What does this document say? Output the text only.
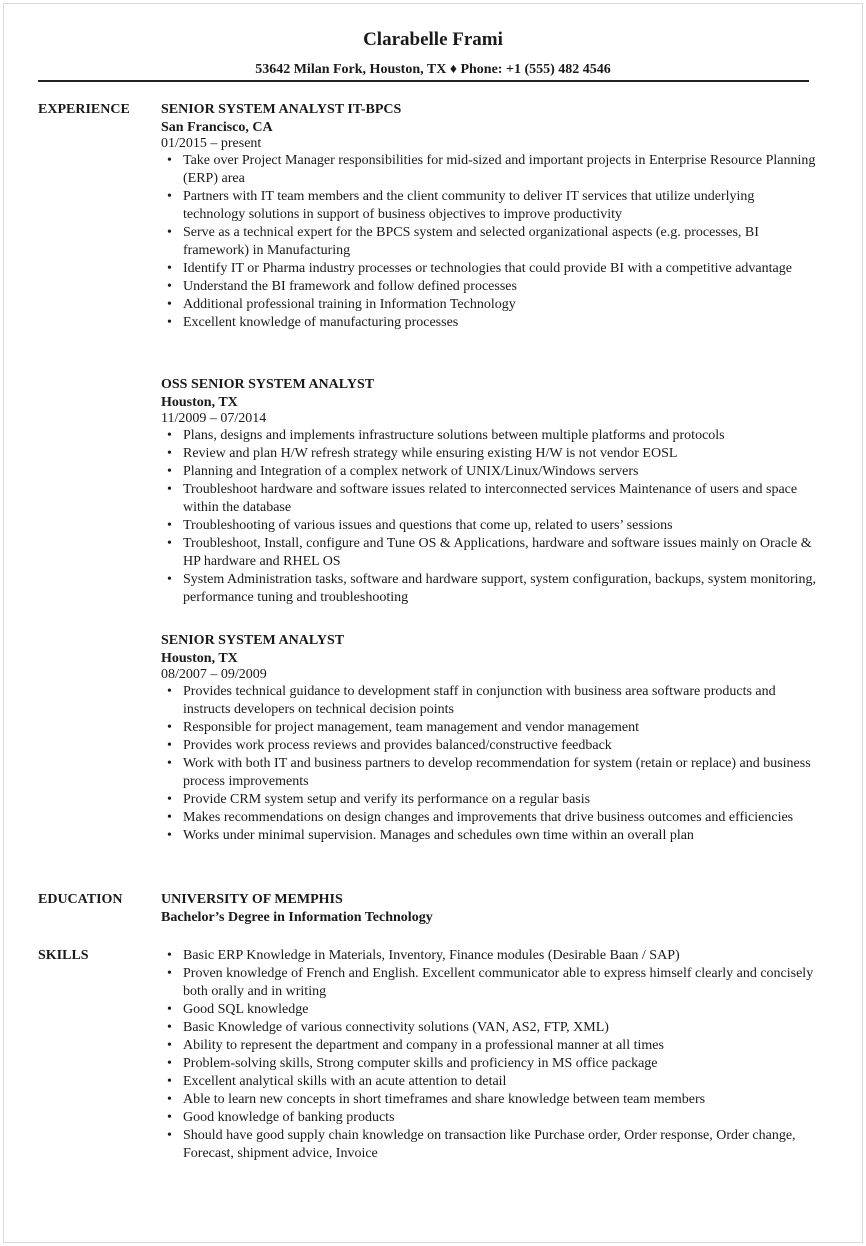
Clarabelle Frami
53642 Milan Fork, Houston, TX ♦ Phone: +1 (555) 482 4546
EXPERIENCE	SENIOR SYSTEM ANALYST IT-BPCS
San Francisco, CA
01/2015 – present
• Take over Project Manager responsibilities for mid-sized and important projects in Enterprise Resource Planning (ERP) area
• Partners with IT team members and the client community to deliver IT services that utilize underlying technology solutions in support of business objectives to improve productivity
• Serve as a technical expert for the BPCS system and selected organizational aspects (e.g. processes, BI framework) in Manufacturing
• Identify IT or Pharma industry processes or technologies that could provide BI with a competitive advantage
• Understand the BI framework and follow defined processes
• Additional professional training in Information Technology
• Excellent knowledge of manufacturing processes
OSS SENIOR SYSTEM ANALYST
Houston, TX
11/2009 – 07/2014
• Plans, designs and implements infrastructure solutions between multiple platforms and protocols
• Review and plan H/W refresh strategy while ensuring existing H/W is not vendor EOSL
• Planning and Integration of a complex network of UNIX/Linux/Windows servers
• Troubleshoot hardware and software issues related to interconnected services Maintenance of users and space within the database
• Troubleshooting of various issues and questions that come up, related to users’ sessions
• Troubleshoot, Install, configure and Tune OS & Applications, hardware and software issues mainly on Oracle & HP hardware and RHEL OS
• System Administration tasks, software and hardware support, system configuration, backups, system monitoring, performance tuning and troubleshooting
SENIOR SYSTEM ANALYST
Houston, TX
08/2007 – 09/2009
• Provides technical guidance to development staff in conjunction with business area software products and instructs developers on technical decision points
• Responsible for project management, team management and vendor management
• Provides work process reviews and provides balanced/constructive feedback
• Work with both IT and business partners to develop recommendation for system (retain or replace) and business process improvements
• Provide CRM system setup and verify its performance on a regular basis
• Makes recommendations on design changes and improvements that drive business outcomes and efficiencies
• Works under minimal supervision. Manages and schedules own time within an overall plan
EDUCATION	UNIVERSITY OF MEMPHIS
Bachelor’s Degree in Information Technology
SKILLS
•	Basic ERP Knowledge in Materials, Inventory, Finance modules (Desirable Baan / SAP)
• Proven knowledge of French and English. Excellent communicator able to express himself clearly and concisely both orally and in writing
• Good SQL knowledge
• Basic Knowledge of various connectivity solutions (VAN, AS2, FTP, XML)
• Ability to represent the department and company in a professional manner at all times
• Problem-solving skills, Strong computer skills and proficiency in MS office package
• Excellent analytical skills with an acute attention to detail
• Able to learn new concepts in short timeframes and share knowledge between team members
• Good knowledge of banking products
• Should have good supply chain knowledge on transaction like Purchase order, Order response, Order change, Forecast, shipment advice, Invoice
